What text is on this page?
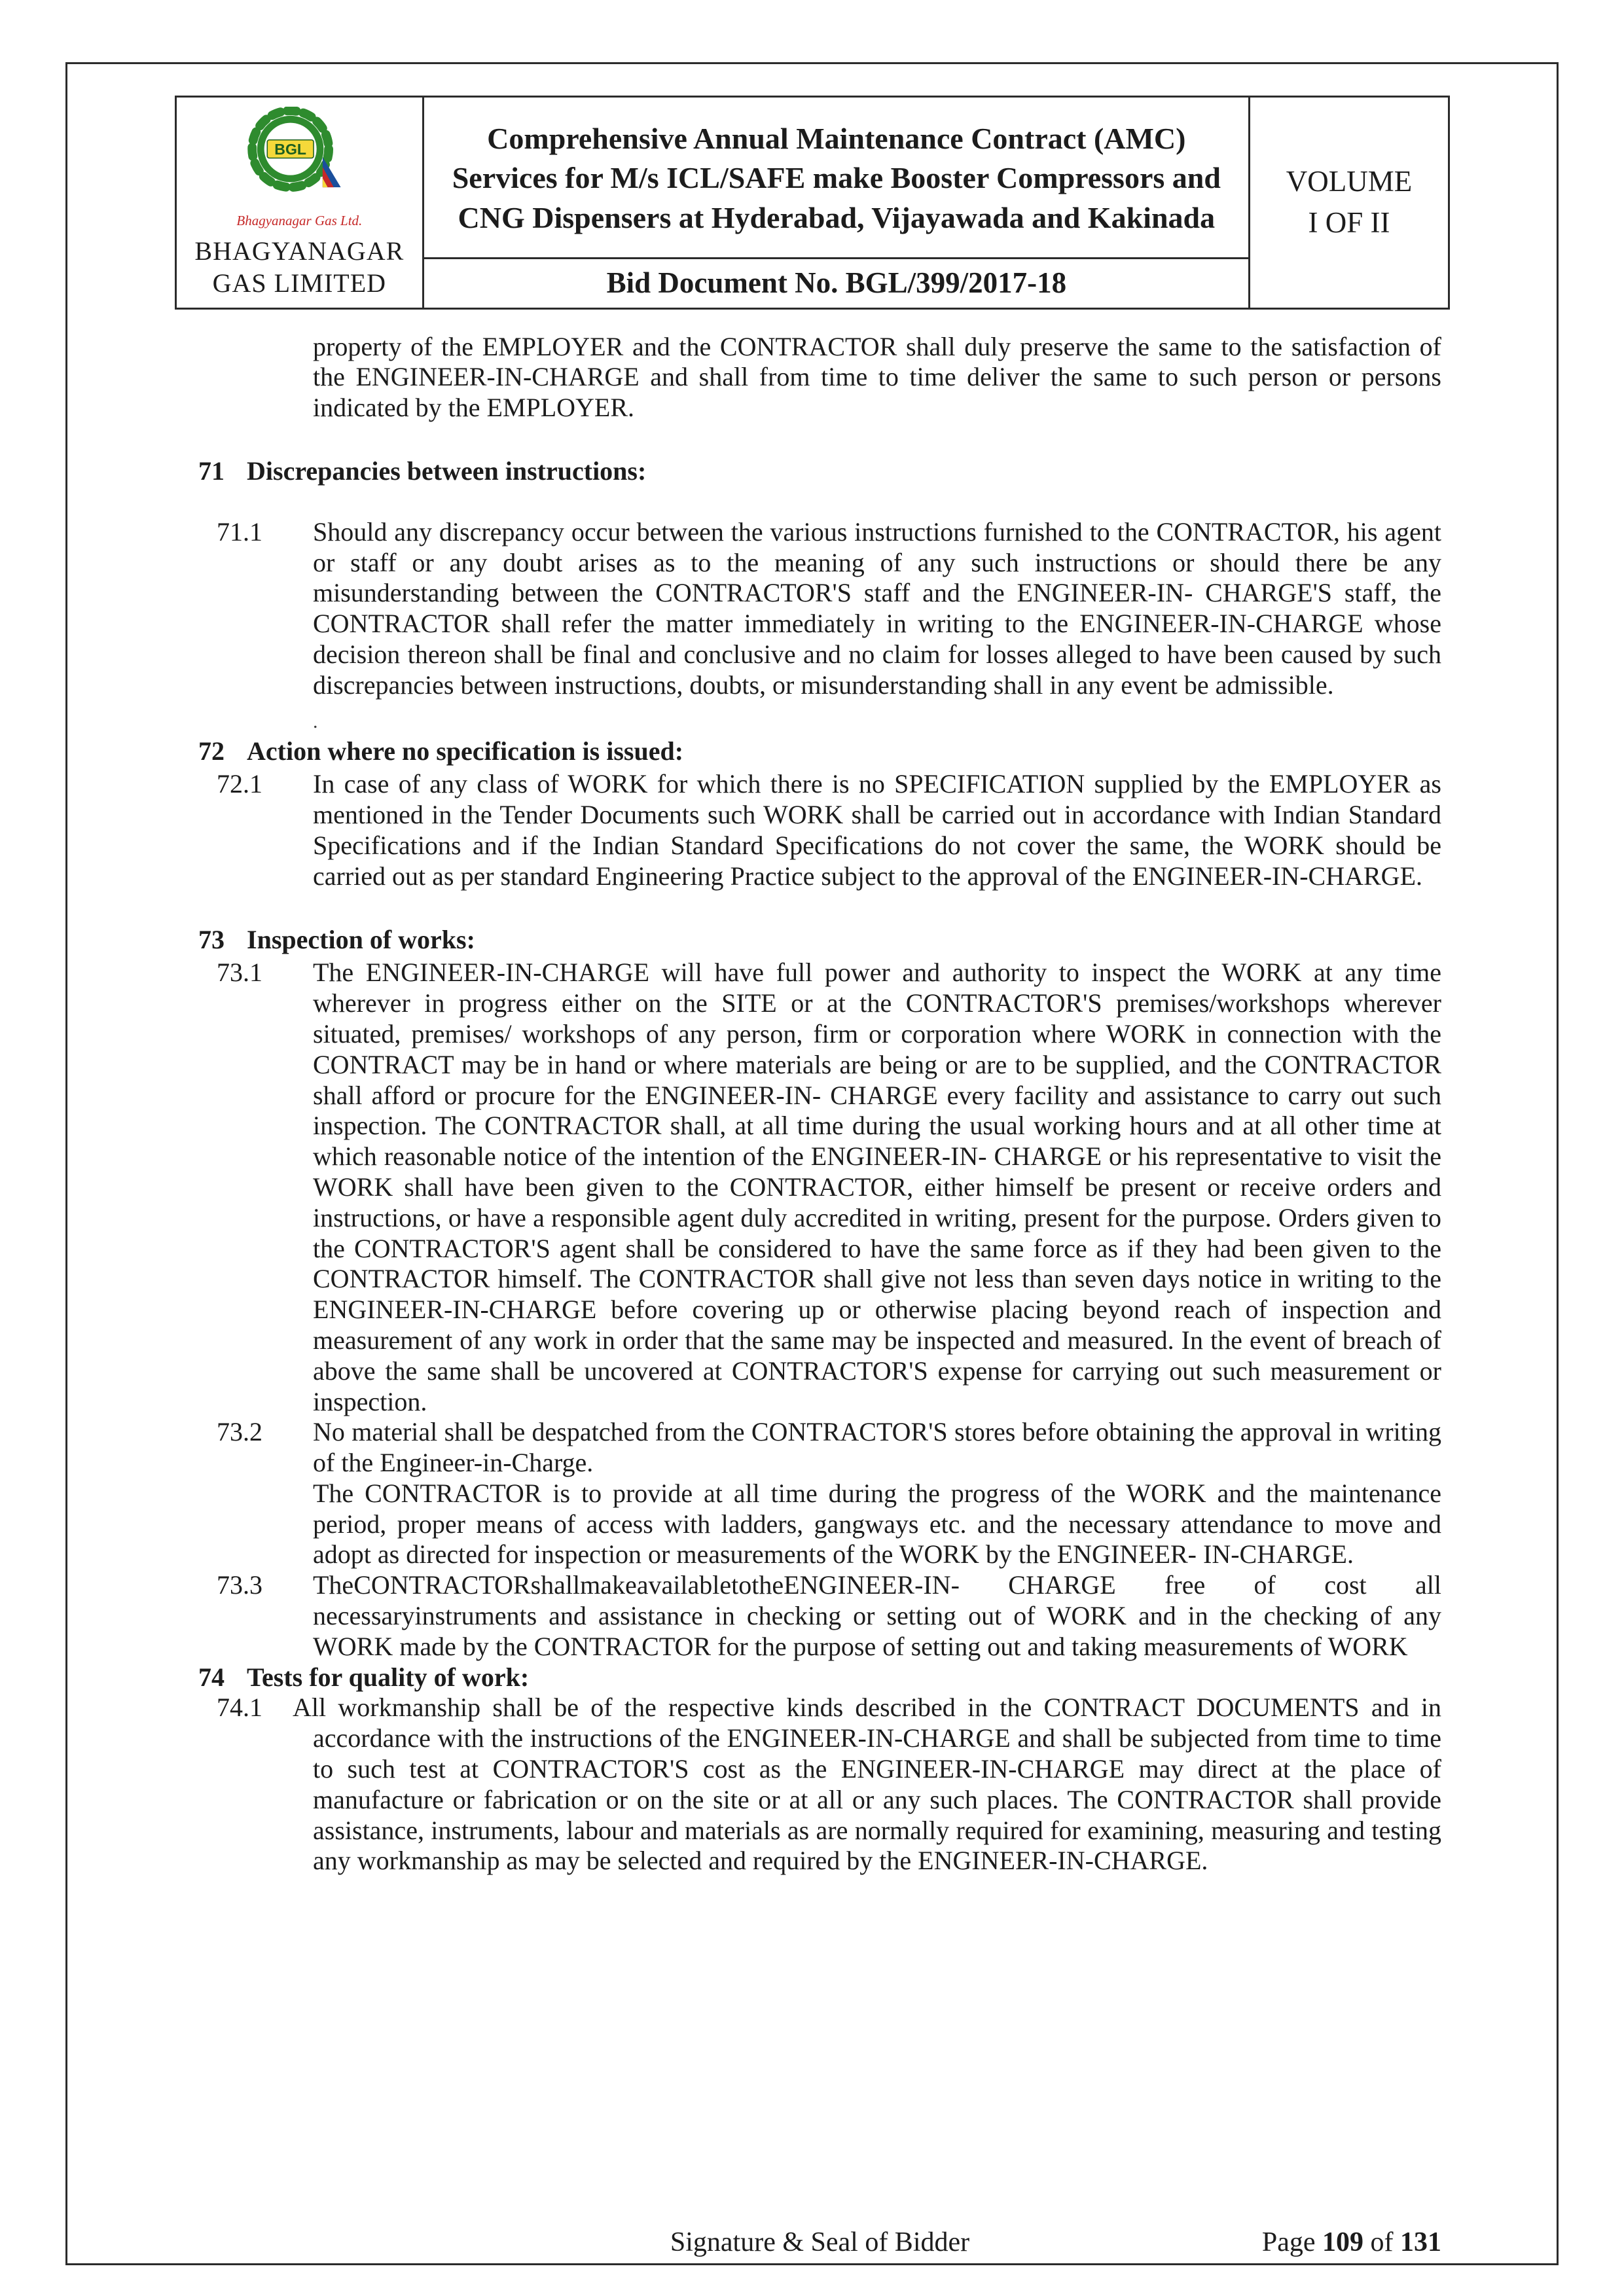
BGL
Bhagyanagar Gas Ltd.
BHAGYANAGAR
GAS LIMITED
Comprehensive Annual Maintenance Contract (AMC) Services for M/s ICL/SAFE make Booster Compressors and CNG Dispensers at Hyderabad, Vijayawada and Kakinada
Bid Document No. BGL/399/2017-18
VOLUME
I OF II

property of the EMPLOYER and the CONTRACTOR shall duly preserve the same to the satisfaction of the ENGINEER-IN-CHARGE and shall from time to time deliver the same to such person or persons indicated by the EMPLOYER.

71 Discrepancies between instructions:
71.1	Should any discrepancy occur between the various instructions furnished to the CONTRACTOR, his agent or staff or any doubt arises as to the meaning of any such instructions or should there be any misunderstanding between the CONTRACTOR'S staff and the ENGINEER-IN- CHARGE'S staff, the CONTRACTOR shall refer the matter immediately in writing to the ENGINEER-IN-CHARGE whose decision thereon shall be final and conclusive and no claim for losses alleged to have been caused by such discrepancies between instructions, doubts, or misunderstanding shall in any event be admissible.

.
72 Action where no specification is issued:
72.1	In case of any class of WORK for which there is no SPECIFICATION supplied by the EMPLOYER as mentioned in the Tender Documents such WORK shall be carried out in accordance with Indian Standard Specifications and if the Indian Standard Specifications do not cover the same, the WORK should be carried out as per standard Engineering Practice subject to the approval of the ENGINEER-IN-CHARGE.

73 Inspection of works:
73.1	The ENGINEER-IN-CHARGE will have full power and authority to inspect the WORK at any time wherever in progress either on the SITE or at the CONTRACTOR'S premises/workshops wherever situated, premises/ workshops of any person, firm or corporation where WORK in connection with the CONTRACT may be in hand or where materials are being or are to be supplied, and the CONTRACTOR shall afford or procure for the ENGINEER-IN- CHARGE every facility and assistance to carry out such inspection. The CONTRACTOR shall, at all time during the usual working hours and at all other time at which reasonable notice of the intention of the ENGINEER-IN- CHARGE or his representative to visit the WORK shall have been given to the CONTRACTOR, either himself be present or receive orders and instructions, or have a responsible agent duly accredited in writing, present for the purpose. Orders given to the CONTRACTOR'S agent shall be considered to have the same force as if they had been given to the CONTRACTOR himself. The CONTRACTOR shall give not less than seven days notice in writing to the ENGINEER-IN-CHARGE before covering up or otherwise placing beyond reach of inspection and measurement of any work in order that the same may be inspected and measured. In the event of breach of above the same shall be uncovered at CONTRACTOR'S expense for carrying out such measurement or inspection.

73.2	No material shall be despatched from the CONTRACTOR'S stores before obtaining the approval in writing of the Engineer-in-Charge.

The CONTRACTOR is to provide at all time during the progress of the WORK and the maintenance period, proper means of access with ladders, gangways etc. and the necessary attendance to move and adopt as directed for inspection or measurements of the WORK by the ENGINEER- IN-CHARGE.

73.3	TheCONTRACTORshallmakeavailabletotheENGINEER-IN- CHARGE free of cost all necessaryinstruments and assistance in checking or setting out of WORK and in the checking of any WORK made by the CONTRACTOR for the purpose of setting out and taking measurements of WORK

74 Tests for quality of work:

74.1 All workmanship shall be of the respective kinds described in the CONTRACT DOCUMENTS and in accordance with the instructions of the ENGINEER-IN-CHARGE and shall be subjected from time to time to such test at CONTRACTOR'S cost as the ENGINEER-IN-CHARGE may direct at the place of manufacture or fabrication or on the site or at all or any such places. The CONTRACTOR shall provide assistance, instruments, labour and materials as are normally required for examining, measuring and testing any workmanship as may be selected and required by the ENGINEER-IN-CHARGE.

Signature & Seal of Bidder	Page 109 of 131
